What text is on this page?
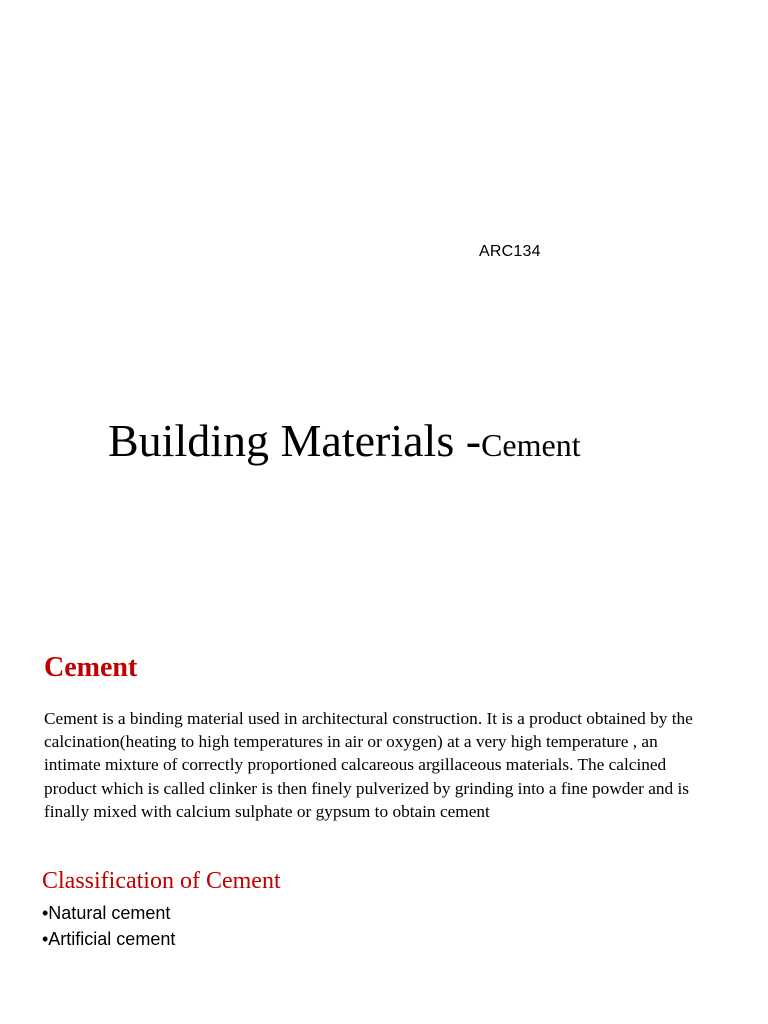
ARC134
Building Materials -Cement
Cement
Cement is a binding material used in architectural construction. It is a product obtained by the calcination(heating to high temperatures in air or oxygen) at a very high temperature , an intimate mixture of correctly proportioned calcareous argillaceous materials. The calcined product which is called clinker is then finely pulverized by grinding into a fine powder and is finally mixed with calcium sulphate or gypsum to obtain cement
Classification of Cement
•Natural cement
•Artificial cement
